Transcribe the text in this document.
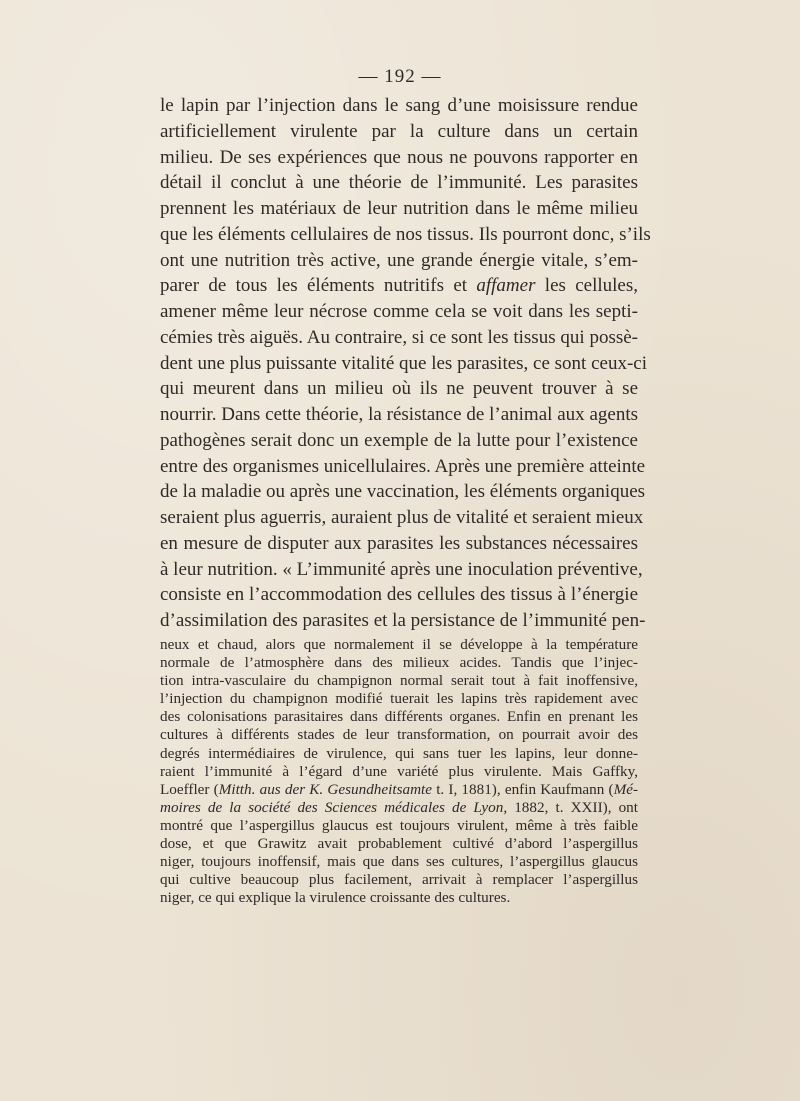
— 192 —
le lapin par l’injection dans le sang d’une moisissure rendue
artificiellement virulente par la culture dans un certain
milieu. De ses expériences que nous ne pouvons rapporter en
détail il conclut à une théorie de l’immunité. Les parasites
prennent les matériaux de leur nutrition dans le même milieu
que les éléments cellulaires de nos tissus. Ils pourront donc, s’ils
ont une nutrition très active, une grande énergie vitale, s’em-
parer de tous les éléments nutritifs et affamer les cellules,
amener même leur nécrose comme cela se voit dans les septi-
cémies très aiguës. Au contraire, si ce sont les tissus qui possè-
dent une plus puissante vitalité que les parasites, ce sont ceux-ci
qui meurent dans un milieu où ils ne peuvent trouver à se
nourrir. Dans cette théorie, la résistance de l’animal aux agents
pathogènes serait donc un exemple de la lutte pour l’existence
entre des organismes unicellulaires. Après une première atteinte
de la maladie ou après une vaccination, les éléments organiques
seraient plus aguerris, auraient plus de vitalité et seraient mieux
en mesure de disputer aux parasites les substances nécessaires
à leur nutrition. « L’immunité après une inoculation préventive,
consiste en l’accommodation des cellules des tissus à l’énergie
d’assimilation des parasites et la persistance de l’immunité pen-
neux et chaud, alors que normalement il se développe à la température
normale de l’atmosphère dans des milieux acides. Tandis que l’injec-
tion intra-vasculaire du champignon normal serait tout à fait inoffensive,
l’injection du champignon modifié tuerait les lapins très rapidement avec
des colonisations parasitaires dans différents organes. Enfin en prenant les
cultures à différents stades de leur transformation, on pourrait avoir des
degrés intermédiaires de virulence, qui sans tuer les lapins, leur donne-
raient l’immunité à l’égard d’une variété plus virulente. Mais Gaffky,
Loeffler (Mitth. aus der K. Gesundheitsamte t. I, 1881), enfin Kaufmann (Mé-
moires de la société des Sciences médicales de Lyon, 1882, t. XXII), ont
montré que l’aspergillus glaucus est toujours virulent, même à très faible
dose, et que Grawitz avait probablement cultivé d’abord l’aspergillus
niger, toujours inoffensif, mais que dans ses cultures, l’aspergillus glaucus
qui cultive beaucoup plus facilement, arrivait à remplacer l’aspergillus
niger, ce qui explique la virulence croissante des cultures.
